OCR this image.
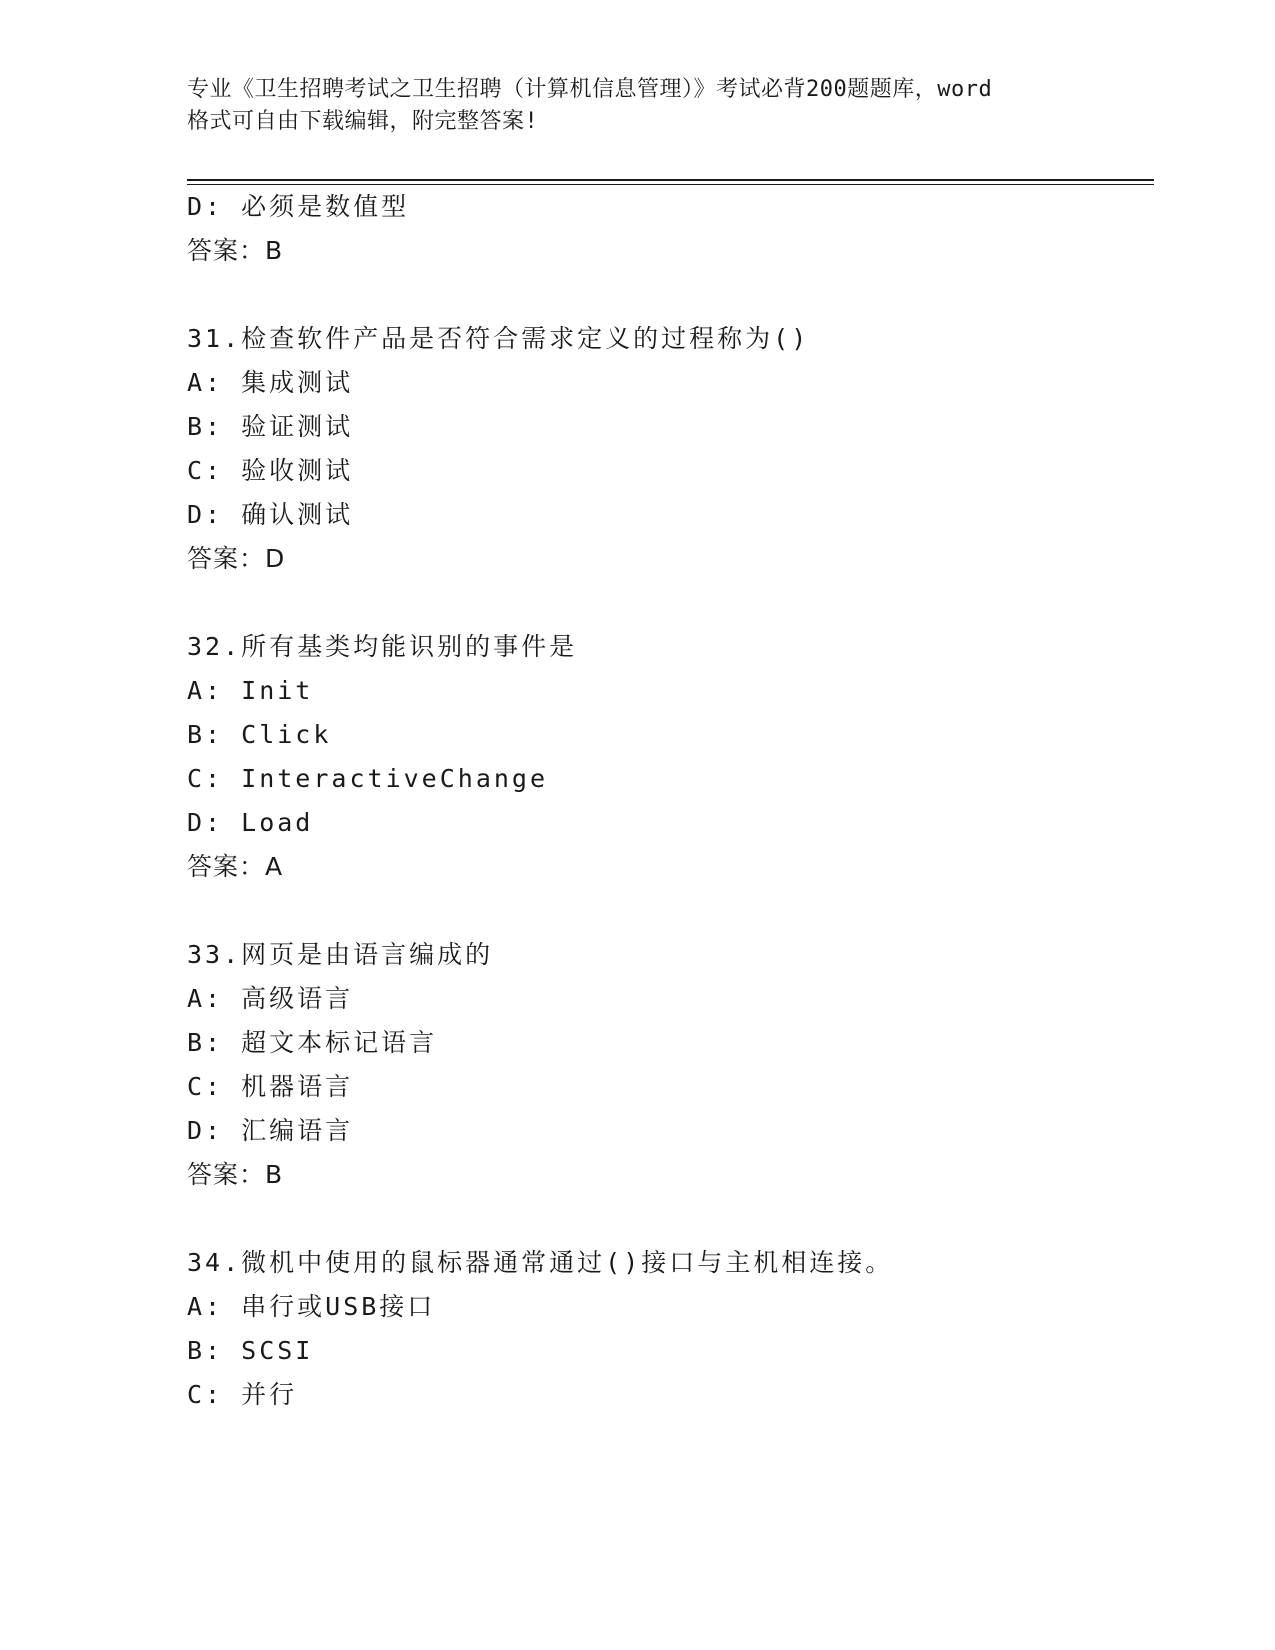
专业《卫生招聘考试之卫生招聘（计算机信息管理）》考试必背200题题库，word
格式可自由下载编辑，附完整答案!
D: 必须是数值型
答案：B
31.检查软件产品是否符合需求定义的过程称为()
A: 集成测试
B: 验证测试
C: 验收测试
D: 确认测试
答案：D
32.所有基类均能识别的事件是
A: Init
B: Click
C: InteractiveChange
D: Load
答案：A
33.网页是由语言编成的
A: 高级语言
B: 超文本标记语言
C: 机器语言
D: 汇编语言
答案：B
34.微机中使用的鼠标器通常通过()接口与主机相连接。
A: 串行或USB接口
B: SCSI
C: 并行
